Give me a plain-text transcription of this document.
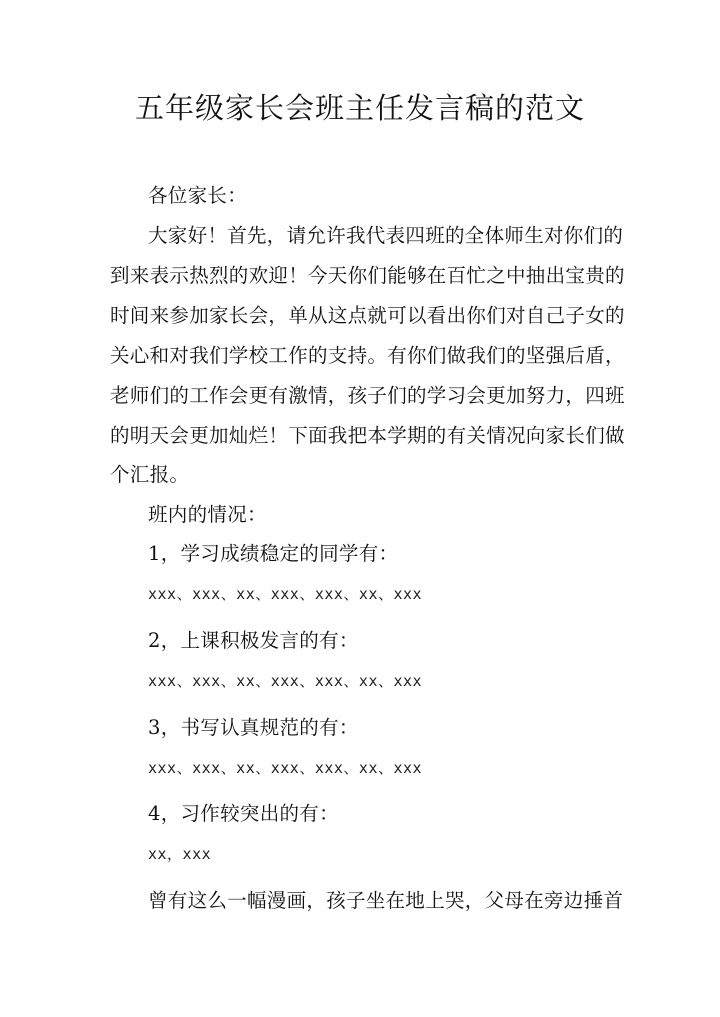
五年级家长会班主任发言稿的范文
各位家长：
大家好！首先，请允许我代表四班的全体师生对你们的
到来表示热烈的欢迎！今天你们能够在百忙之中抽出宝贵的
时间来参加家长会，单从这点就可以看出你们对自己子女的
关心和对我们学校工作的支持。有你们做我们的坚强后盾，
老师们的工作会更有激情，孩子们的学习会更加努力，四班
的明天会更加灿烂！下面我把本学期的有关情况向家长们做
个汇报。
班内的情况：
1，学习成绩稳定的同学有：
xxx、xxx、xx、xxx、xxx、xx、xxx
2，上课积极发言的有：
xxx、xxx、xx、xxx、xxx、xx、xxx
3，书写认真规范的有：
xxx、xxx、xx、xxx、xxx、xx、xxx
4，习作较突出的有：
xx，xxx
曾有这么一幅漫画，孩子坐在地上哭，父母在旁边捶首
